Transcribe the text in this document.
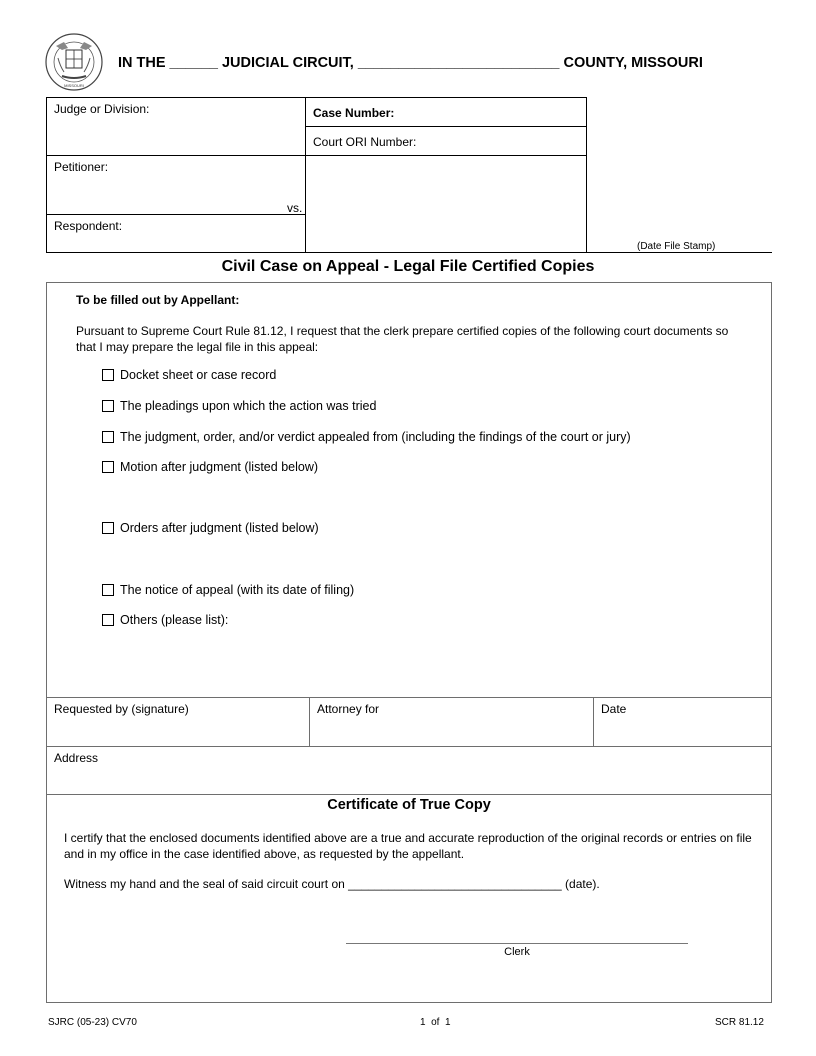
MISSOURI
IN THE ______ JUDICIAL CIRCUIT, _________________________ COUNTY, MISSOURI
Judge or Division:	Case Number:
Court ORI Number:
Petitioner:
vs.
Respondent:
(Date File Stamp)
Civil Case on Appeal - Legal File Certified Copies
To be filled out by Appellant:
Pursuant to Supreme Court Rule 81.12, I request that the clerk prepare certified copies of the following court documents so that I may prepare the legal file in this appeal:
Docket sheet or case record
The pleadings upon which the action was tried
The judgment, order, and/or verdict appealed from (including the findings of the court or jury)
Motion after judgment (listed below)
Orders after judgment (listed below)
The notice of appeal (with its date of filing)
Others (please list):
Requested by (signature)	Attorney for	Date
Address
Certificate of True Copy
I certify that the enclosed documents identified above are a true and accurate reproduction of the original records or entries on file and in my office in the case identified above, as requested by the appellant.
Witness my hand and the seal of said circuit court on ________________________________ (date).
Clerk
SJRC (05-23) CV70	1 of 1	SCR 81.12
